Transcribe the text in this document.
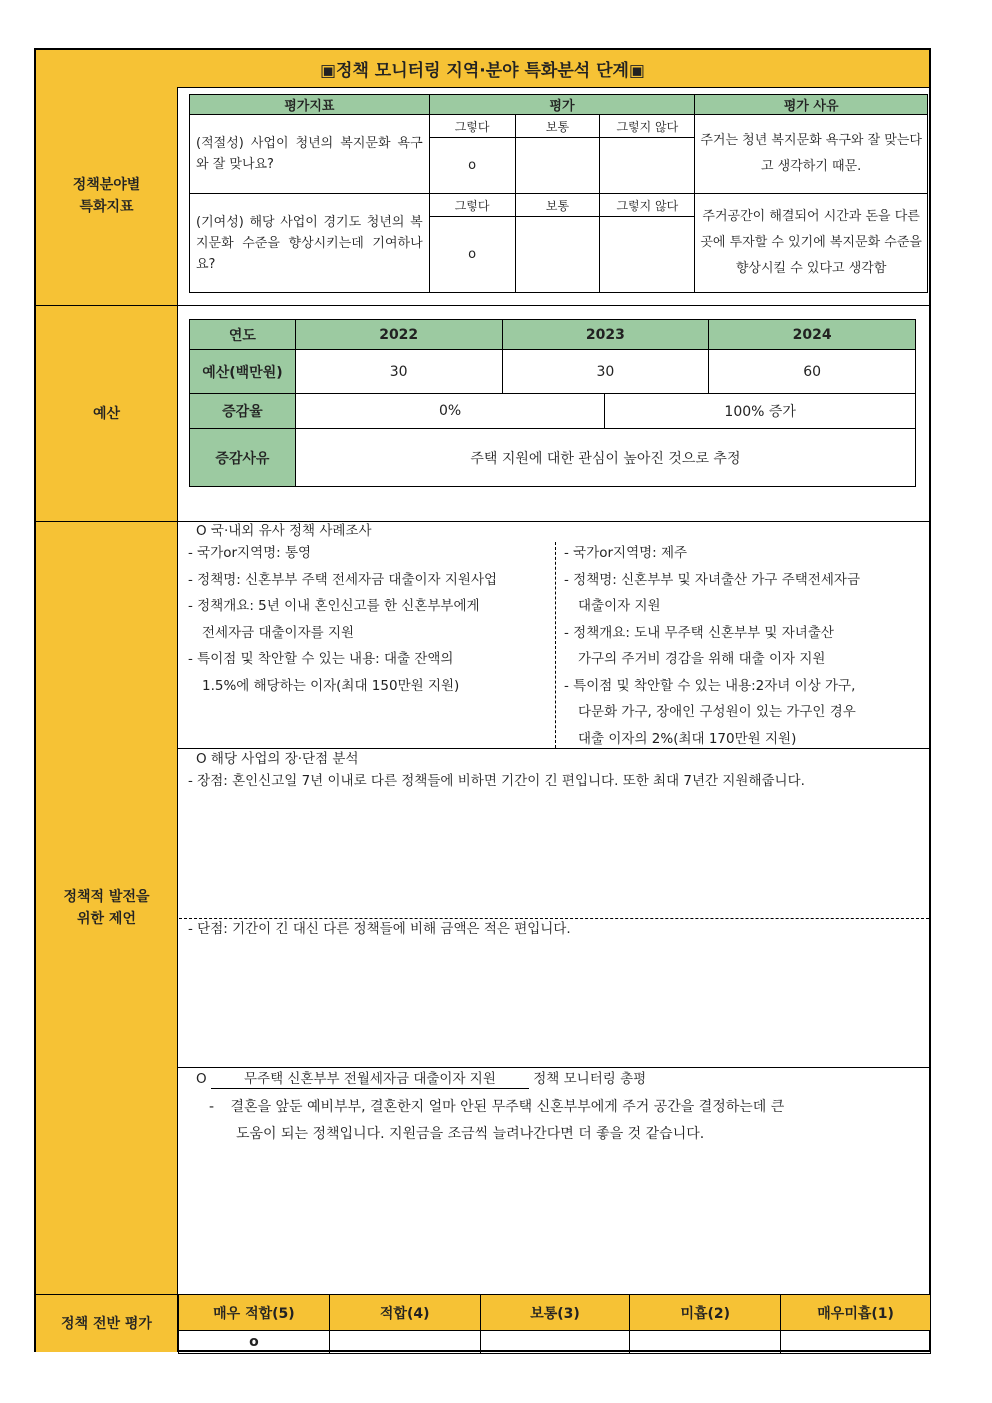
▣정책 모니터링 지역·분야 특화분석 단계▣
정책분야별
특화지표
예산
정책적 발전을
위한 제언
정책 전반 평가
평가지표	평가			평가 사유
(적절성) 사업이 청년의 복지문화 욕구와 잘 맞나요?	그렇다	보통	그렇지 않다	주거는 청년 복지문화 욕구와 잘 맞는다고 생각하기 때문.
	o			
(기여성) 해당 사업이 경기도 청년의 복지문화 수준을 향상시키는데 기여하나요?	그렇다	보통	그렇지 않다	주거공간이 해결되어 시간과 돈을 다른 곳에 투자할 수 있기에 복지문화 수준을 향상시킬 수 있다고 생각함
	o			
연도	2022	2023		2024
예산(백만원)	30	30		60
증감율	0%		100% 증가	
증감사유	주택 지원에 대한 관심이 높아진 것으로 추정			
O 국·내외 유사 정책 사례조사
- 국가or지역명: 통영
- 정책명: 신혼부부 주택 전세자금 대출이자 지원사업
- 정책개요: 5년 이내 혼인신고를 한 신혼부부에게
전세자금 대출이자를 지원
- 특이점 및 착안할 수 있는 내용: 대출 잔액의
1.5%에 해당하는 이자(최대 150만원 지원)
- 국가or지역명: 제주
- 정책명: 신혼부부 및 자녀출산 가구 주택전세자금
대출이자 지원
- 정책개요: 도내 무주택 신혼부부 및 자녀출산
가구의 주거비 경감을 위해 대출 이자 지원
- 특이점 및 착안할 수 있는 내용:2자녀 이상 가구,
다문화 가구, 장애인 구성원이 있는 가구인 경우
대출 이자의 2%(최대 170만원 지원)
O 해당 사업의 장·단점 분석
- 장점: 혼인신고일 7년 이내로 다른 정책들에 비하면 기간이 긴 편입니다. 또한 최대 7년간 지원해줍니다.
- 단점: 기간이 긴 대신 다른 정책들에 비해 금액은 적은 편입니다.
O	무주택 신혼부부 전월세자금 대출이자 지원	정책 모니터링 총평
- 결혼을 앞둔 예비부부, 결혼한지 얼마 안된 무주택 신혼부부에게 주거 공간을 결정하는데 큰
도움이 되는 정책입니다. 지원금을 조금씩 늘려나간다면 더 좋을 것 같습니다.
매우 적합(5)	적합(4)	보통(3)	미흡(2)	매우미흡(1)
o				
